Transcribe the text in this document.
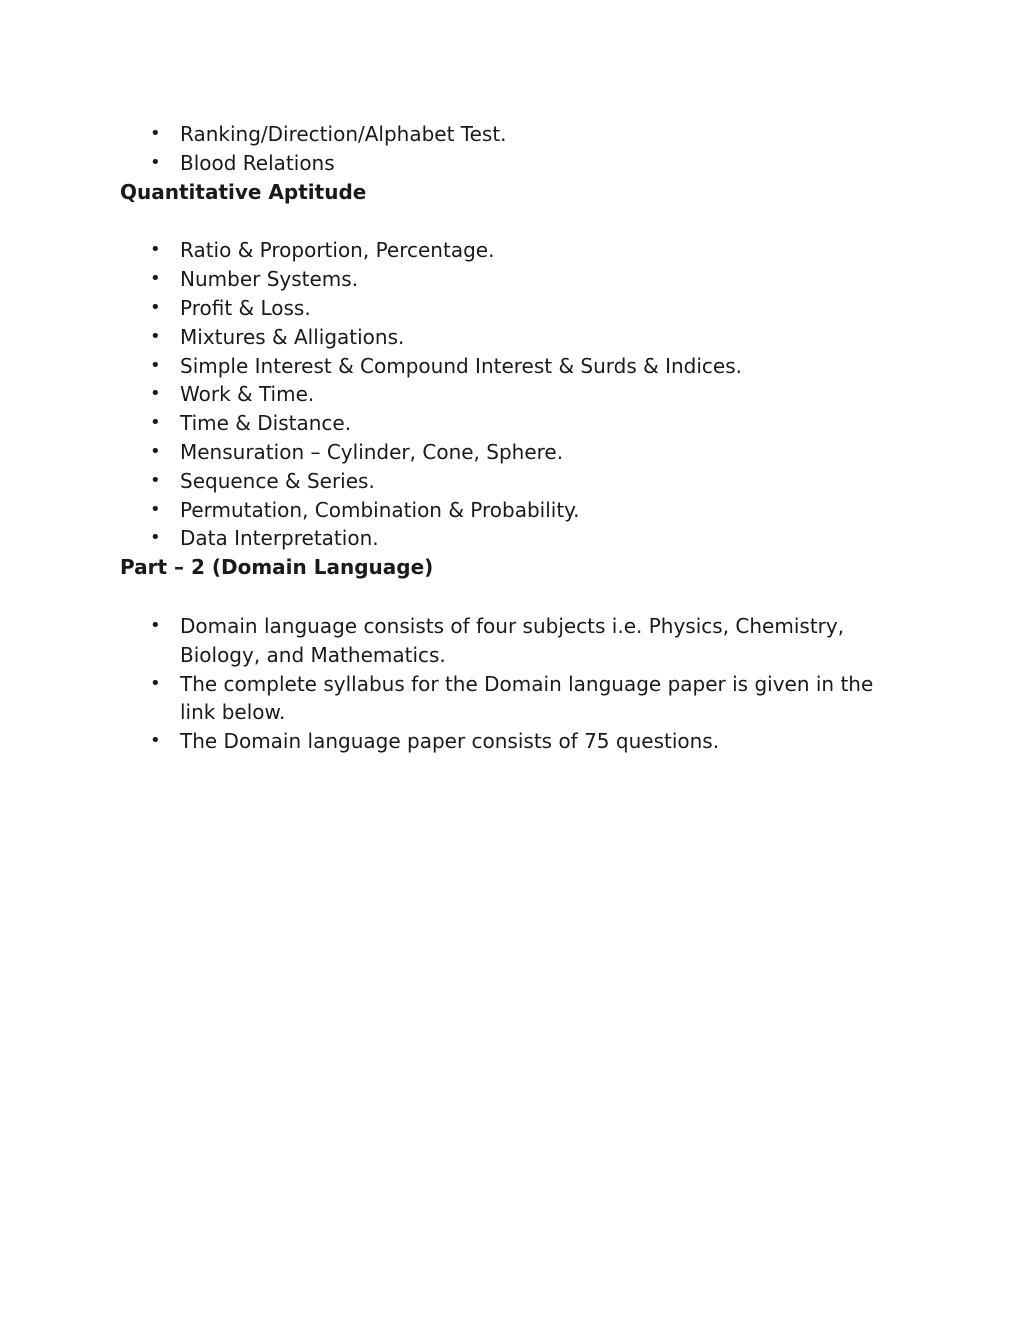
• Ranking/Direction/Alphabet Test.
• Blood Relations
Quantitative Aptitude
• Ratio & Proportion, Percentage.
• Number Systems.
• Profit & Loss.
• Mixtures & Alligations.
• Simple Interest & Compound Interest & Surds & Indices.
• Work & Time.
• Time & Distance.
• Mensuration – Cylinder, Cone, Sphere.
• Sequence & Series.
• Permutation, Combination & Probability.
• Data Interpretation.
Part – 2 (Domain Language)
• Domain language consists of four subjects i.e. Physics, Chemistry, Biology, and Mathematics.
• The complete syllabus for the Domain language paper is given in the link below.
• The Domain language paper consists of 75 questions.
